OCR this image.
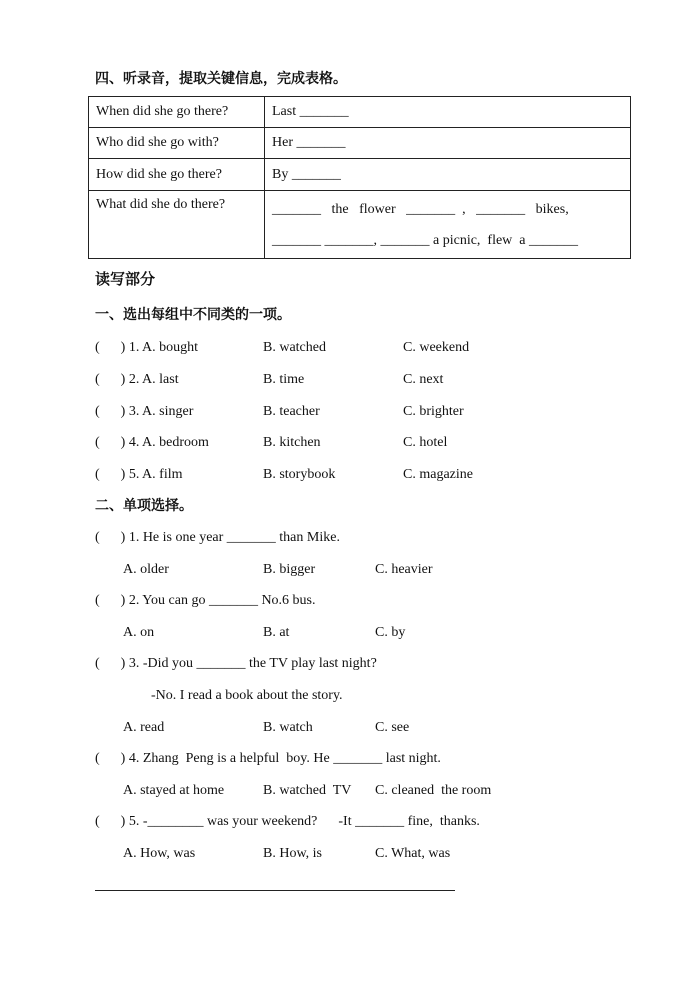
四、听录音，提取关键信息，完成表格。
When did she go there?	Last _______
Who did she go with?	Her _______
How did she go there?	By _______
What did she do there?	_______   the   flower   _______  ,   _______   bikes,
_______ _______, _______ a picnic,  flew  a _______
读写部分
一、选出每组中不同类的一项。
(      ) 1. A. bought	B. watched	C. weekend
(      ) 2. A. last	B. time	C. next
(      ) 3. A. singer	B. teacher	C. brighter
(      ) 4. A. bedroom	B. kitchen	C. hotel
(      ) 5. A. film	B. storybook	C. magazine
二、单项选择。
(      ) 1. He is one year _______ than Mike.
A. older	B. bigger	C. heavier
(      ) 2. You can go _______ No.6 bus.
A. on	B. at	C. by
(      ) 3. -Did you _______ the TV play last night?
-No. I read a book about the story.
A. read	B. watch	C. see
(      ) 4. Zhang  Peng is a helpful  boy. He _______ last night.
A. stayed at home	B. watched  TV C. cleaned  the room
(      ) 5. -________ was your weekend?      -It _______ fine,  thanks.
A. How, was	B. How, is	C. What, was
